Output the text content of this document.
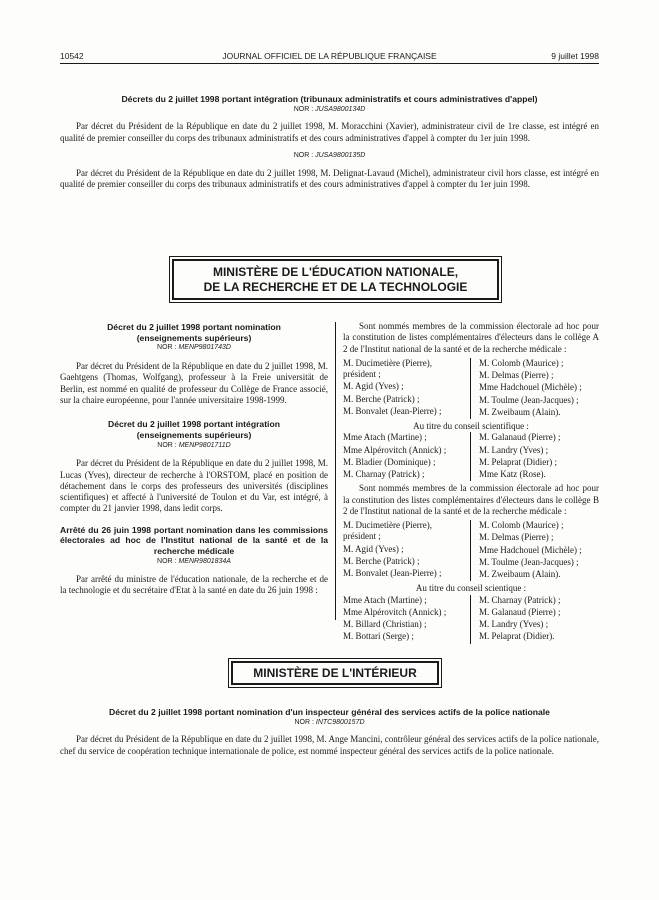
10542	JOURNAL OFFICIEL DE LA RÉPUBLIQUE FRANÇAISE	9 juillet 1998
Décrets du 2 juillet 1998 portant intégration (tribunaux administratifs et cours administratives d'appel)
NOR : JUSA9800134D

Par décret du Président de la République en date du 2 juillet 1998, M. Moracchini (Xavier), administrateur civil de 1re classe, est intégré en qualité de premier conseiller du corps des tribunaux administratifs et des cours administratives d'appel à compter du 1er juin 1998.

NOR : JUSA9800135D

Par décret du Président de la République en date du 2 juillet 1998, M. Delignat-Lavaud (Michel), administrateur civil hors classe, est intégré en qualité de premier conseiller du corps des tribunaux administratifs et des cours administratives d'appel à compter du 1er juin 1998.

MINISTÈRE DE L'ÉDUCATION NATIONALE,
DE LA RECHERCHE ET DE LA TECHNOLOGIE
Décret du 2 juillet 1998 portant nomination
(enseignements supérieurs)
NOR : MENP9801743D

Par décret du Président de la République en date du 2 juillet 1998, M. Gaehtgens (Thomas, Wolfgang), professeur à la Freie universität de Berlin, est nommé en qualité de professeur du Collège de France associé, sur la chaire européenne, pour l'année universitaire 1998-1999.

Décret du 2 juillet 1998 portant intégration
(enseignements supérieurs)
NOR : MENP9801711D

Par décret du Président de la République en date du 2 juillet 1998, M. Lucas (Yves), directeur de recherche à l'ORSTOM, placé en position de détachement dans le corps des professeurs des universités (disciplines scientifiques) et affecté à l'université de Toulon et du Var, est intégré, à compter du 21 janvier 1998, dans ledit corps.

Arrêté du 26 juin 1998 portant nomination dans les commissions électorales ad hoc de l'Institut national de la santé et de la recherche médicale
NOR : MENR9801834A

Par arrêté du ministre de l'éducation nationale, de la recherche et de la technologie et du secrétaire d'Etat à la santé en date du 26 juin 1998 :

Sont nommés membres de la commission électorale ad hoc pour la constitution de listes complémentaires d'électeurs dans le collège A 2 de l'Institut national de la santé et de la recherche médicale :

M. Ducimetière (Pierre), président ;
M. Agid (Yves) ;
M. Berche (Patrick) ;
M. Bonvalet (Jean-Pierre) ;
M. Colomb (Maurice) ;
M. Delmas (Pierre) ;
Mme Hadchouel (Michèle) ;
M. Toulme (Jean-Jacques) ;
M. Zweibaum (Alain).
Au titre du conseil scientifique :
Mme Atach (Martine) ;
Mme Alpérovitch (Annick) ;
M. Bladier (Dominique) ;
M. Charnay (Patrick) ;
M. Galanaud (Pierre) ;
M. Landry (Yves) ;
M. Pelaprat (Didier) ;
Mme Katz (Rose).

Sont nommés membres de la commission électorale ad hoc pour la constitution des listes complémentaires d'électeurs dans le collège B 2 de l'Institut national de la santé et de la recherche médicale :

M. Ducimetière (Pierre), président ;
M. Agid (Yves) ;
M. Berche (Patrick) ;
M. Bonvalet (Jean-Pierre) ;
M. Colomb (Maurice) ;
M. Delmas (Pierre) ;
Mme Hadchouel (Michèle) ;
M. Toulme (Jean-Jacques) ;
M. Zweibaum (Alain).
Au titre du conseil scientique :
Mme Atach (Martine) ;
Mme Alpérovitch (Annick) ;
M. Billard (Christian) ;
M. Bottari (Serge) ;
M. Charnay (Patrick) ;
M. Galanaud (Pierre) ;
M. Landry (Yves) ;
M. Pelaprat (Didier).
MINISTÈRE DE L'INTÉRIEUR
Décret du 2 juillet 1998 portant nomination d'un inspecteur général des services actifs de la police nationale
NOR : INTC9800157D

Par décret du Président de la République en date du 2 juillet 1998, M. Ange Mancini, contrôleur général des services actifs de la police nationale, chef du service de coopération technique internationale de police, est nommé inspecteur général des services actifs de la police nationale.
